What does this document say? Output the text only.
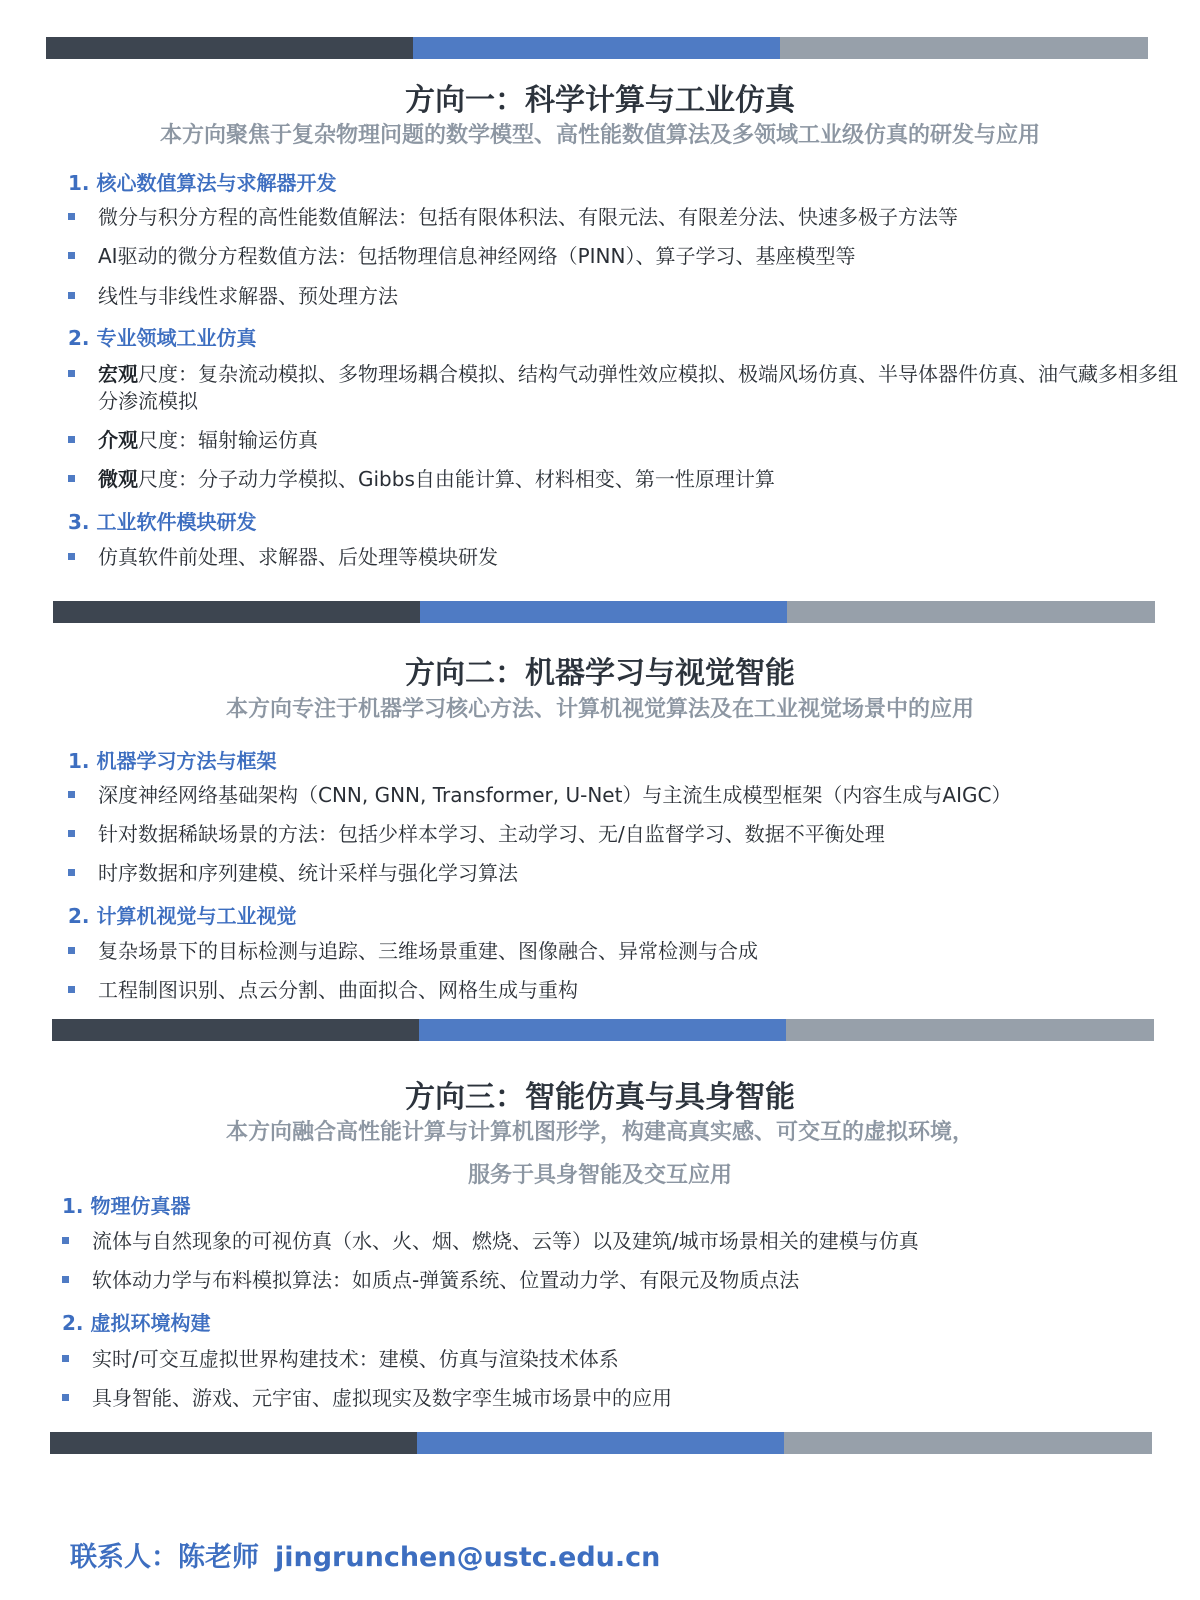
方向一：科学计算与工业仿真
本方向聚焦于复杂物理问题的数学模型、高性能数值算法及多领域工业级仿真的研发与应用
1. 核心数值算法与求解器开发
微分与积分方程的高性能数值解法：包括有限体积法、有限元法、有限差分法、快速多极子方法等
AI驱动的微分方程数值方法：包括物理信息神经网络（PINN）、算子学习、基座模型等
线性与非线性求解器、预处理方法
2. 专业领域工业仿真
宏观尺度：复杂流动模拟、多物理场耦合模拟、结构气动弹性效应模拟、极端风场仿真、半导体器件仿真、油气藏多相多组分渗流模拟
介观尺度：辐射输运仿真
微观尺度：分子动力学模拟、Gibbs自由能计算、材料相变、第一性原理计算
3. 工业软件模块研发
仿真软件前处理、求解器、后处理等模块研发
方向二：机器学习与视觉智能
本方向专注于机器学习核心方法、计算机视觉算法及在工业视觉场景中的应用
1. 机器学习方法与框架
深度神经网络基础架构（CNN, GNN, Transformer, U-Net）与主流生成模型框架（内容生成与AIGC）
针对数据稀缺场景的方法：包括少样本学习、主动学习、无/自监督学习、数据不平衡处理
时序数据和序列建模、统计采样与强化学习算法
2. 计算机视觉与工业视觉
复杂场景下的目标检测与追踪、三维场景重建、图像融合、异常检测与合成
工程制图识别、点云分割、曲面拟合、网格生成与重构
方向三：智能仿真与具身智能
本方向融合高性能计算与计算机图形学，构建高真实感、可交互的虚拟环境，
服务于具身智能及交互应用
1. 物理仿真器
流体与自然现象的可视仿真（水、火、烟、燃烧、云等）以及建筑/城市场景相关的建模与仿真
软体动力学与布料模拟算法：如质点-弹簧系统、位置动力学、有限元及物质点法
2. 虚拟环境构建
实时/可交互虚拟世界构建技术：建模、仿真与渲染技术体系
具身智能、游戏、元宇宙、虚拟现实及数字孪生城市场景中的应用
联系人：陈老师 jingrunchen@ustc.edu.cn
